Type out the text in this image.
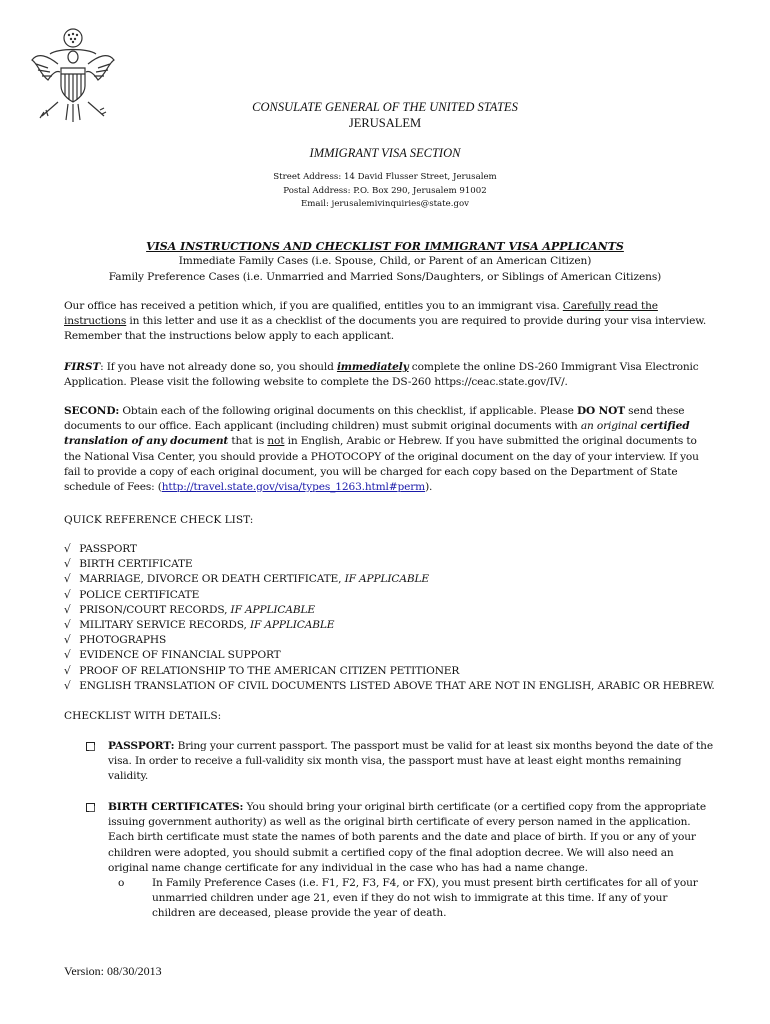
CONSULATE GENERAL OF THE UNITED STATES
JERUSALEM
IMMIGRANT VISA SECTION
Street Address: 14 David Flusser Street, Jerusalem
Postal Address: P.O. Box 290, Jerusalem 91002
Email: jerusalemivinquiries@state.gov
VISA INSTRUCTIONS AND CHECKLIST FOR IMMIGRANT VISA APPLICANTS
Immediate Family Cases (i.e. Spouse, Child, or Parent of an American Citizen)
Family Preference Cases (i.e. Unmarried and Married Sons/Daughters, or Siblings of American Citizens)
Our office has received a petition which, if you are qualified, entitles you to an immigrant visa. Carefully read the instructions in this letter and use it as a checklist of the documents you are required to provide during your visa interview. Remember that the instructions below apply to each applicant.
FIRST: If you have not already done so, you should immediately complete the online DS-260 Immigrant Visa Electronic Application. Please visit the following website to complete the DS-260 https://ceac.state.gov/IV/.
SECOND: Obtain each of the following original documents on this checklist, if applicable. Please DO NOT send these documents to our office. Each applicant (including children) must submit original documents with an original certified translation of any document that is not in English, Arabic or Hebrew. If you have submitted the original documents to the National Visa Center, you should provide a PHOTOCOPY of the original document on the day of your interview. If you fail to provide a copy of each original document, you will be charged for each copy based on the Department of State schedule of Fees: (http://travel.state.gov/visa/types_1263.html#perm).
QUICK REFERENCE CHECK LIST:
√ PASSPORT
√ BIRTH CERTIFICATE
√ MARRIAGE, DIVORCE OR DEATH CERTIFICATE, IF APPLICABLE
√ POLICE CERTIFICATE
√ PRISON/COURT RECORDS, IF APPLICABLE
√ MILITARY SERVICE RECORDS, IF APPLICABLE
√ PHOTOGRAPHS
√ EVIDENCE OF FINANCIAL SUPPORT
√ PROOF OF RELATIONSHIP TO THE AMERICAN CITIZEN PETITIONER
√ ENGLISH TRANSLATION OF CIVIL DOCUMENTS LISTED ABOVE THAT ARE NOT IN ENGLISH, ARABIC OR HEBREW.
CHECKLIST WITH DETAILS:
PASSPORT: Bring your current passport. The passport must be valid for at least six months beyond the date of the visa. In order to receive a full-validity six month visa, the passport must have at least eight months remaining validity.
BIRTH CERTIFICATES: You should bring your original birth certificate (or a certified copy from the appropriate issuing government authority) as well as the original birth certificate of every person named in the application. Each birth certificate must state the names of both parents and the date and place of birth. If you or any of your children were adopted, you should submit a certified copy of the final adoption decree. We will also need an original name change certificate for any individual in the case who has had a name change.
o	In Family Preference Cases (i.e. F1, F2, F3, F4, or FX), you must present birth certificates for all of your unmarried children under age 21, even if they do not wish to immigrate at this time. If any of your children are deceased, please provide the year of death.
Version: 08/30/2013
